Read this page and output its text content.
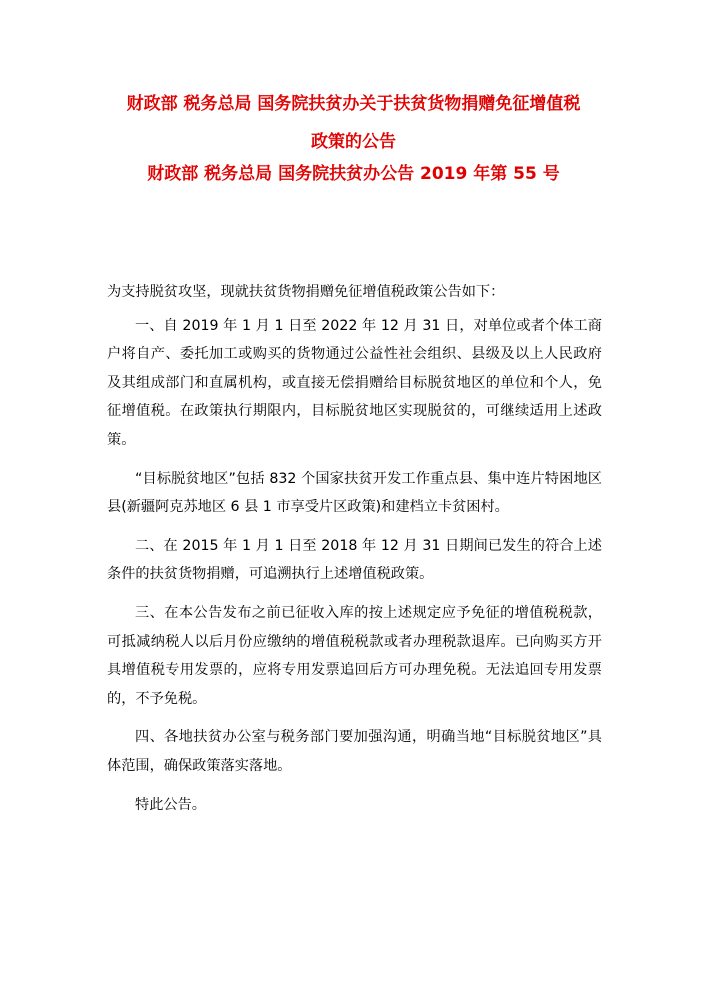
财政部 税务总局 国务院扶贫办关于扶贫货物捐赠免征增值税
政策的公告
财政部 税务总局 国务院扶贫办公告 2019 年第 55 号

为支持脱贫攻坚，现就扶贫货物捐赠免征增值税政策公告如下：

一、自 2019 年 1 月 1 日至 2022 年 12 月 31 日，对单位或者个体工商户将自产、委托加工或购买的货物通过公益性社会组织、县级及以上人民政府及其组成部门和直属机构，或直接无偿捐赠给目标脱贫地区的单位和个人，免征增值税。在政策执行期限内，目标脱贫地区实现脱贫的，可继续适用上述政策。

“目标脱贫地区”包括 832 个国家扶贫开发工作重点县、集中连片特困地区县(新疆阿克苏地区 6 县 1 市享受片区政策)和建档立卡贫困村。

二、在 2015 年 1 月 1 日至 2018 年 12 月 31 日期间已发生的符合上述条件的扶贫货物捐赠，可追溯执行上述增值税政策。

三、在本公告发布之前已征收入库的按上述规定应予免征的增值税税款，可抵减纳税人以后月份应缴纳的增值税税款或者办理税款退库。已向购买方开具增值税专用发票的，应将专用发票追回后方可办理免税。无法追回专用发票的，不予免税。

四、各地扶贫办公室与税务部门要加强沟通，明确当地“目标脱贫地区”具体范围，确保政策落实落地。

特此公告。
